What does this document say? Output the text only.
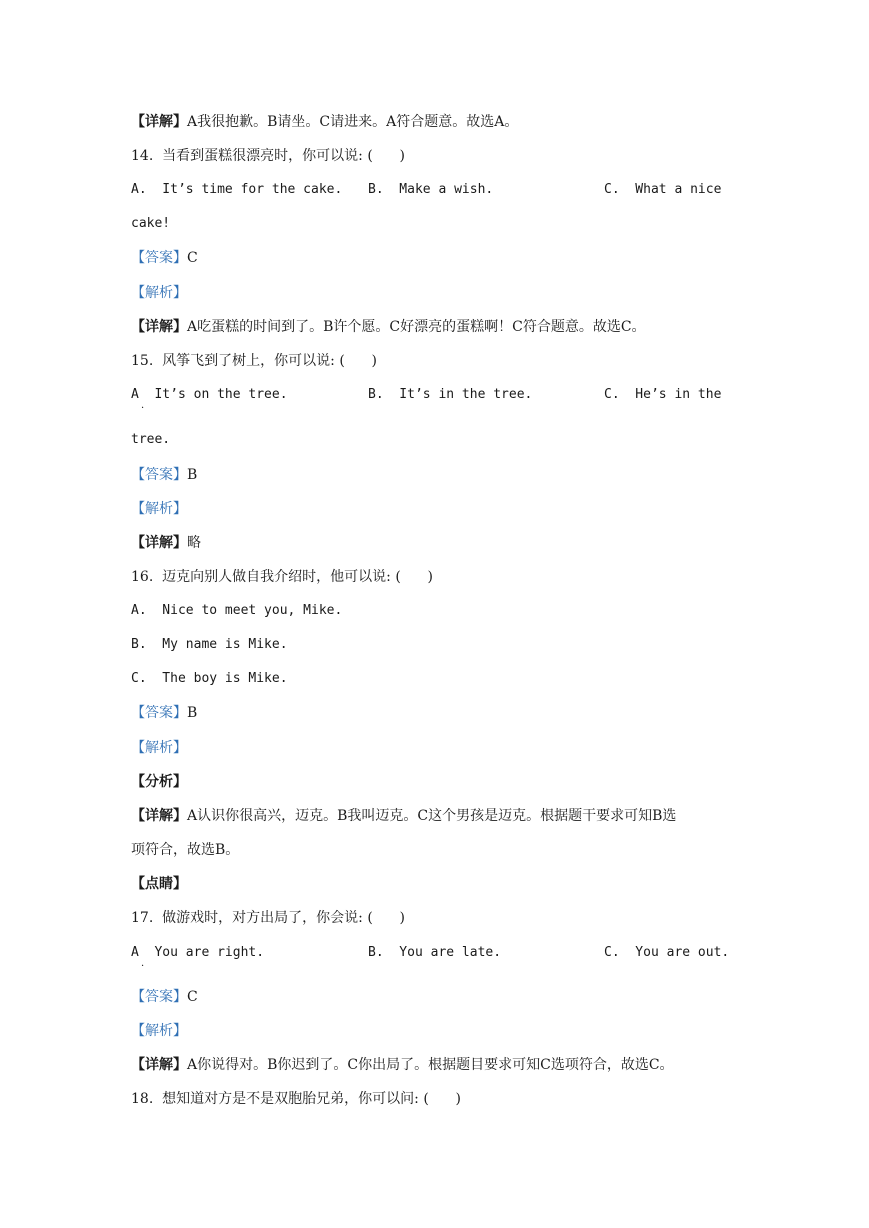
【详解】A我很抱歉。B请坐。C请进来。A符合题意。故选A。
14.  当看到蛋糕很漂亮时，你可以说: (      )
A.  It’s time for the cake. B.  Make a wish.	C.  What a nice
cake!
【答案】C
【解析】
【详解】A吃蛋糕的时间到了。B许个愿。C好漂亮的蛋糕啊！C符合题意。故选C。
15.  风筝飞到了树上，你可以说: (      )
A  It’s on the tree.
·
B.  It’s in the tree.	C.  He’s in the
tree.
【答案】B
【解析】
【详解】略
16.  迈克向别人做自我介绍时，他可以说: (      )
A.  Nice to meet you, Mike.
B.  My name is Mike.
C.  The boy is Mike.
【答案】B
【解析】
【分析】
【详解】A认识你很高兴，迈克。B我叫迈克。C这个男孩是迈克。根据题干要求可知B选
项符合，故选B。
【点睛】
17.  做游戏时，对方出局了，你会说: (      )
A  You are right.
·
B.  You are late.	C.  You are out.
【答案】C
【解析】
【详解】A你说得对。B你迟到了。C你出局了。根据题目要求可知C选项符合，故选C。
18.  想知道对方是不是双胞胎兄弟，你可以问: (      )
